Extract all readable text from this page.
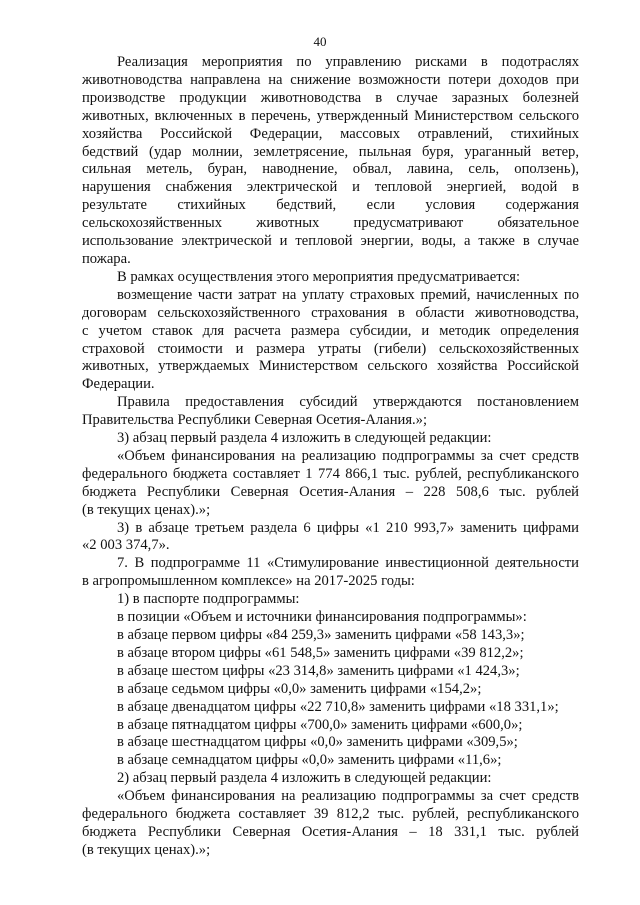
40
Реализация мероприятия по управлению рисками в подотраслях
животноводства направлена на снижение возможности потери доходов при
производстве продукции животноводства в случае заразных болезней
животных, включенных в перечень, утвержденный Министерством сельского
хозяйства Российской Федерации, массовых отравлений, стихийных
бедствий (удар молнии, землетрясение, пыльная буря, ураганный ветер,
сильная метель, буран, наводнение, обвал, лавина, сель, оползень),
нарушения снабжения электрической и тепловой энергией, водой в
результате стихийных бедствий, если условия содержания
сельскохозяйственных животных предусматривают обязательное
использование электрической и тепловой энергии, воды, а также в случае
пожара.
В рамках осуществления этого мероприятия предусматривается:
возмещение части затрат на уплату страховых премий, начисленных по
договорам сельскохозяйственного страхования в области животноводства,
с учетом ставок для расчета размера субсидии, и методик определения
страховой стоимости и размера утраты (гибели) сельскохозяйственных
животных, утверждаемых Министерством сельского хозяйства Российской
Федерации.
Правила предоставления субсидий утверждаются постановлением
Правительства Республики Северная Осетия-Алания.»;
3) абзац первый раздела 4 изложить в следующей редакции:
«Объем финансирования на реализацию подпрограммы за счет средств
федерального бюджета составляет 1 774 866,1 тыс. рублей, республиканского
бюджета Республики Северная Осетия-Алания – 228 508,6 тыс. рублей
(в текущих ценах).»;
3) в абзаце третьем раздела 6 цифры «1 210 993,7» заменить цифрами
«2 003 374,7».
7. В подпрограмме 11 «Стимулирование инвестиционной деятельности
в агропромышленном комплексе» на 2017-2025 годы:
1) в паспорте подпрограммы:
в позиции «Объем и источники финансирования подпрограммы»:
в абзаце первом цифры «84 259,3» заменить цифрами «58 143,3»;
в абзаце втором цифры «61 548,5» заменить цифрами «39 812,2»;
в абзаце шестом цифры «23 314,8» заменить цифрами «1 424,3»;
в абзаце седьмом цифры «0,0» заменить цифрами «154,2»;
в абзаце двенадцатом цифры «22 710,8» заменить цифрами «18 331,1»;
в абзаце пятнадцатом цифры «700,0» заменить цифрами «600,0»;
в абзаце шестнадцатом цифры «0,0» заменить цифрами «309,5»;
в абзаце семнадцатом цифры «0,0» заменить цифрами «11,6»;
2) абзац первый раздела 4 изложить в следующей редакции:
«Объем финансирования на реализацию подпрограммы за счет средств
федерального бюджета составляет 39 812,2 тыс. рублей, республиканского
бюджета Республики Северная Осетия-Алания – 18 331,1 тыс. рублей
(в текущих ценах).»;
